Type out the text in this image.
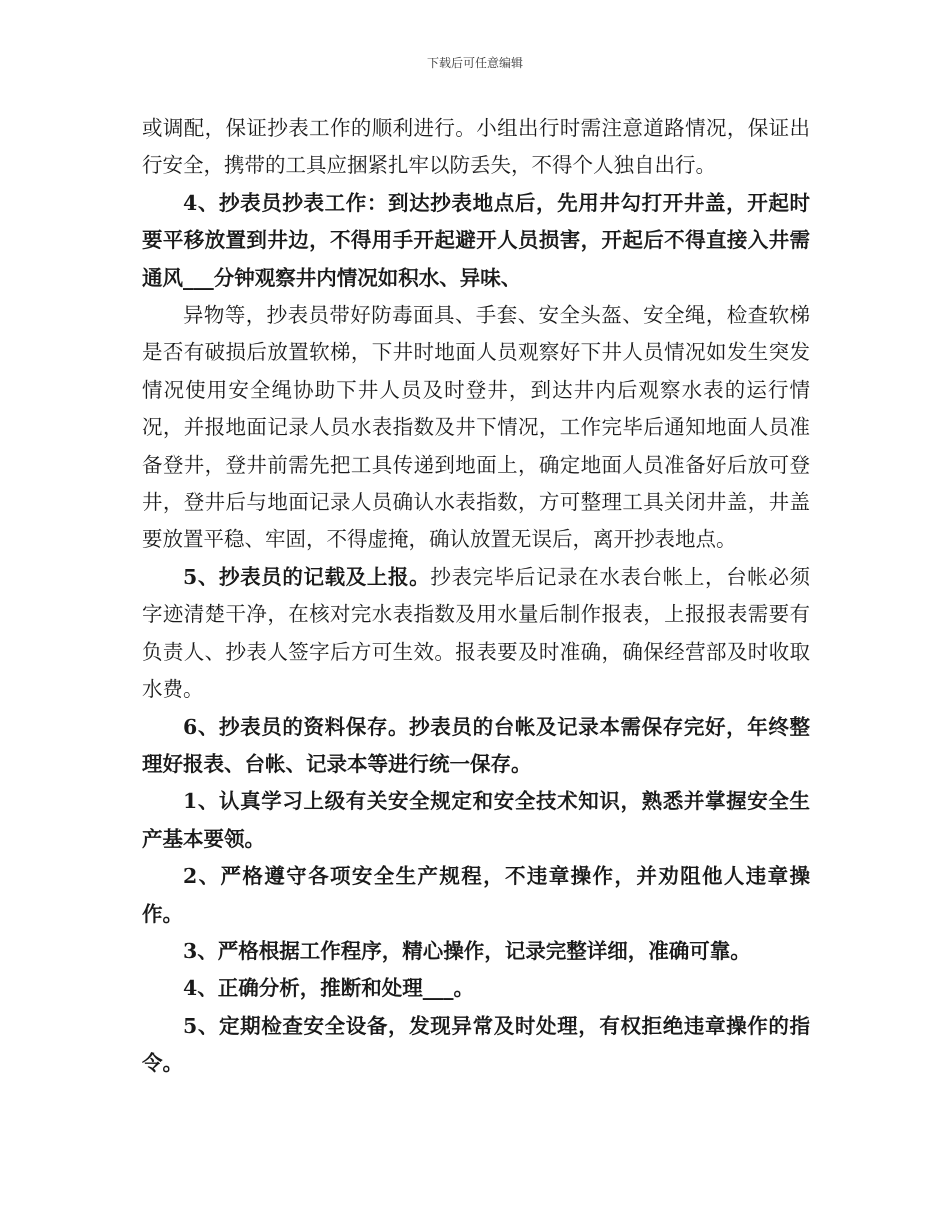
下载后可任意编辑

或调配，保证抄表工作的顺利进行。小组出行时需注意道路情况，保证出行安全，携带的工具应捆紧扎牢以防丢失，不得个人独自出行。

4、抄表员抄表工作：到达抄表地点后，先用井勾打开井盖，开起时要平移放置到井边，不得用手开起避开人员损害，开起后不得直接入井需通风___分钟观察井内情况如积水、异味、

异物等，抄表员带好防毒面具、手套、安全头盔、安全绳，检查软梯是否有破损后放置软梯，下井时地面人员观察好下井人员情况如发生突发情况使用安全绳协助下井人员及时登井，到达井内后观察水表的运行情况，并报地面记录人员水表指数及井下情况，工作完毕后通知地面人员准备登井，登井前需先把工具传递到地面上，确定地面人员准备好后放可登井，登井后与地面记录人员确认水表指数，方可整理工具关闭井盖，井盖要放置平稳、牢固，不得虚掩，确认放置无误后，离开抄表地点。

5、抄表员的记载及上报。抄表完毕后记录在水表台帐上，台帐必须字迹清楚干净，在核对完水表指数及用水量后制作报表，上报报表需要有负责人、抄表人签字后方可生效。报表要及时准确，确保经营部及时收取水费。

6、抄表员的资料保存。抄表员的台帐及记录本需保存完好，年终整理好报表、台帐、记录本等进行统一保存。

1、认真学习上级有关安全规定和安全技术知识，熟悉并掌握安全生产基本要领。

2、严格遵守各项安全生产规程，不违章操作，并劝阻他人违章操作。

3、严格根据工作程序，精心操作，记录完整详细，准确可靠。

4、正确分析，推断和处理___。

5、定期检查安全设备，发现异常及时处理，有权拒绝违章操作的指令。
